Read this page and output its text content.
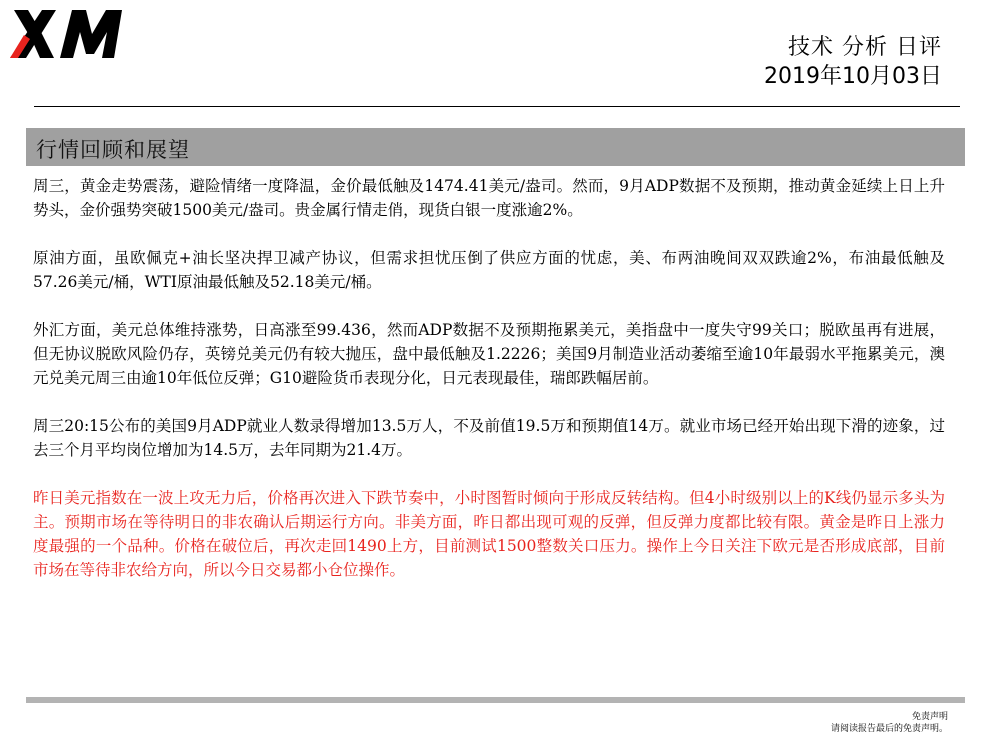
技术 分析 日评
2019年10月03日
行情回顾和展望

周三，黄金走势震荡，避险情绪一度降温，金价最低触及1474.41美元/盎司。然而，9月ADP数据不及预期，推动黄金延续上日上升势头，金价强势突破1500美元/盎司。贵金属行情走俏，现货白银一度涨逾2%。

原油方面，虽欧佩克+油长坚决捍卫减产协议，但需求担忧压倒了供应方面的忧虑，美、布两油晚间双双跌逾2%，布油最低触及57.26美元/桶，WTI原油最低触及52.18美元/桶。

外汇方面，美元总体维持涨势，日高涨至99.436，然而ADP数据不及预期拖累美元，美指盘中一度失守99关口；脱欧虽再有进展，但无协议脱欧风险仍存，英镑兑美元仍有较大抛压，盘中最低触及1.2226；美国9月制造业活动萎缩至逾10年最弱水平拖累美元，澳元兑美元周三由逾10年低位反弹；G10避险货币表现分化，日元表现最佳，瑞郎跌幅居前。

周三20:15公布的美国9月ADP就业人数录得增加13.5万人，不及前值19.5万和预期值14万。就业市场已经开始出现下滑的迹象，过去三个月平均岗位增加为14.5万，去年同期为21.4万。

昨日美元指数在一波上攻无力后，价格再次进入下跌节奏中，小时图暂时倾向于形成反转结构。但4小时级别以上的K线仍显示多头为主。预期市场在等待明日的非农确认后期运行方向。非美方面，昨日都出现可观的反弹，但反弹力度都比较有限。黄金是昨日上涨力度最强的一个品种。价格在破位后，再次走回1490上方，目前测试1500整数关口压力。操作上今日关注下欧元是否形成底部，目前市场在等待非农给方向，所以今日交易都小仓位操作。

免责声明
请阅读报告最后的免责声明。
